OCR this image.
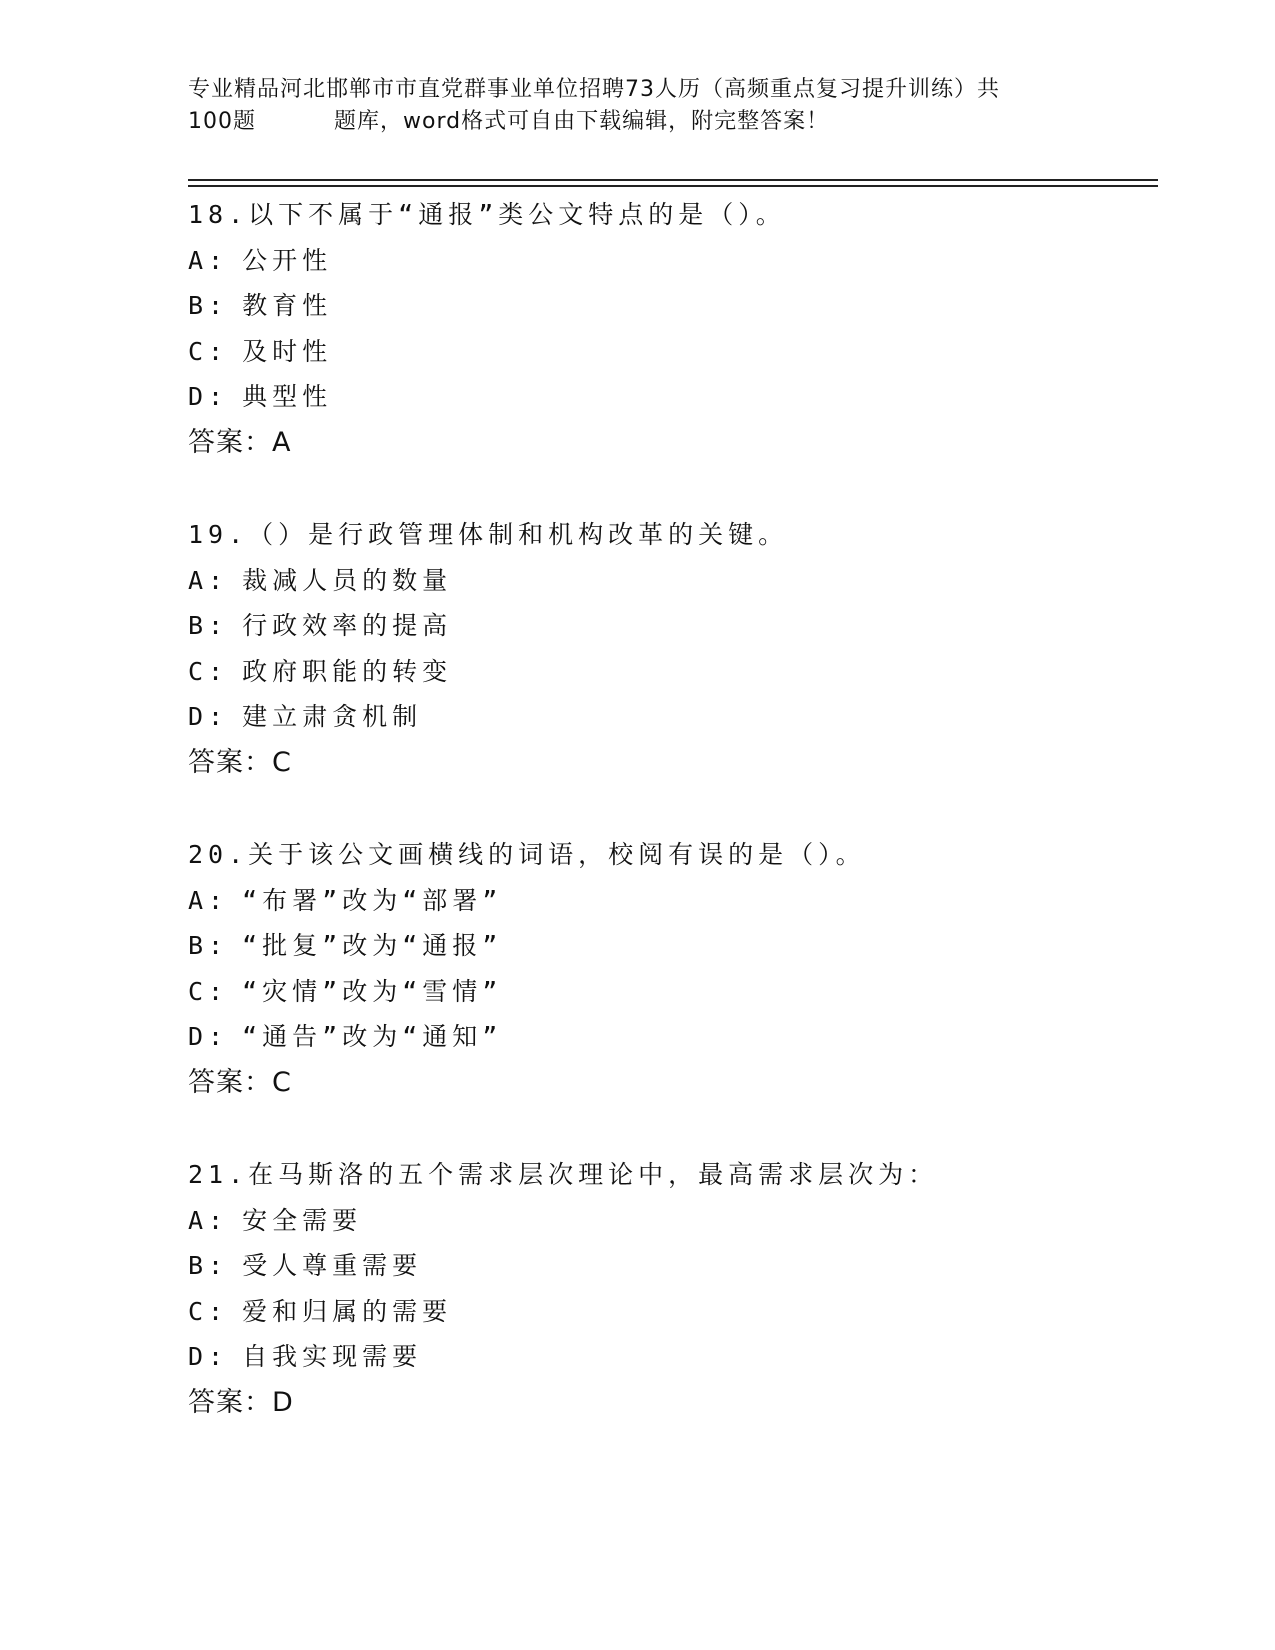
专业精品河北邯郸市市直党群事业单位招聘73人历（高频重点复习提升训练）共
100题	题库，word格式可自由下载编辑，附完整答案！
18.以下不属于“通报”类公文特点的是（）。
A: 公开性
B: 教育性
C: 及时性
D: 典型性
答案：A
19.（）是行政管理体制和机构改革的关键。
A: 裁减人员的数量
B: 行政效率的提高
C: 政府职能的转变
D: 建立肃贪机制
答案：C
20.关于该公文画横线的词语，校阅有误的是（）。
A: “布署”改为“部署”
B: “批复”改为“通报”
C: “灾情”改为“雪情”
D: “通告”改为“通知”
答案：C
21.在马斯洛的五个需求层次理论中，最高需求层次为：
A: 安全需要
B: 受人尊重需要
C: 爱和归属的需要
D: 自我实现需要
答案：D
